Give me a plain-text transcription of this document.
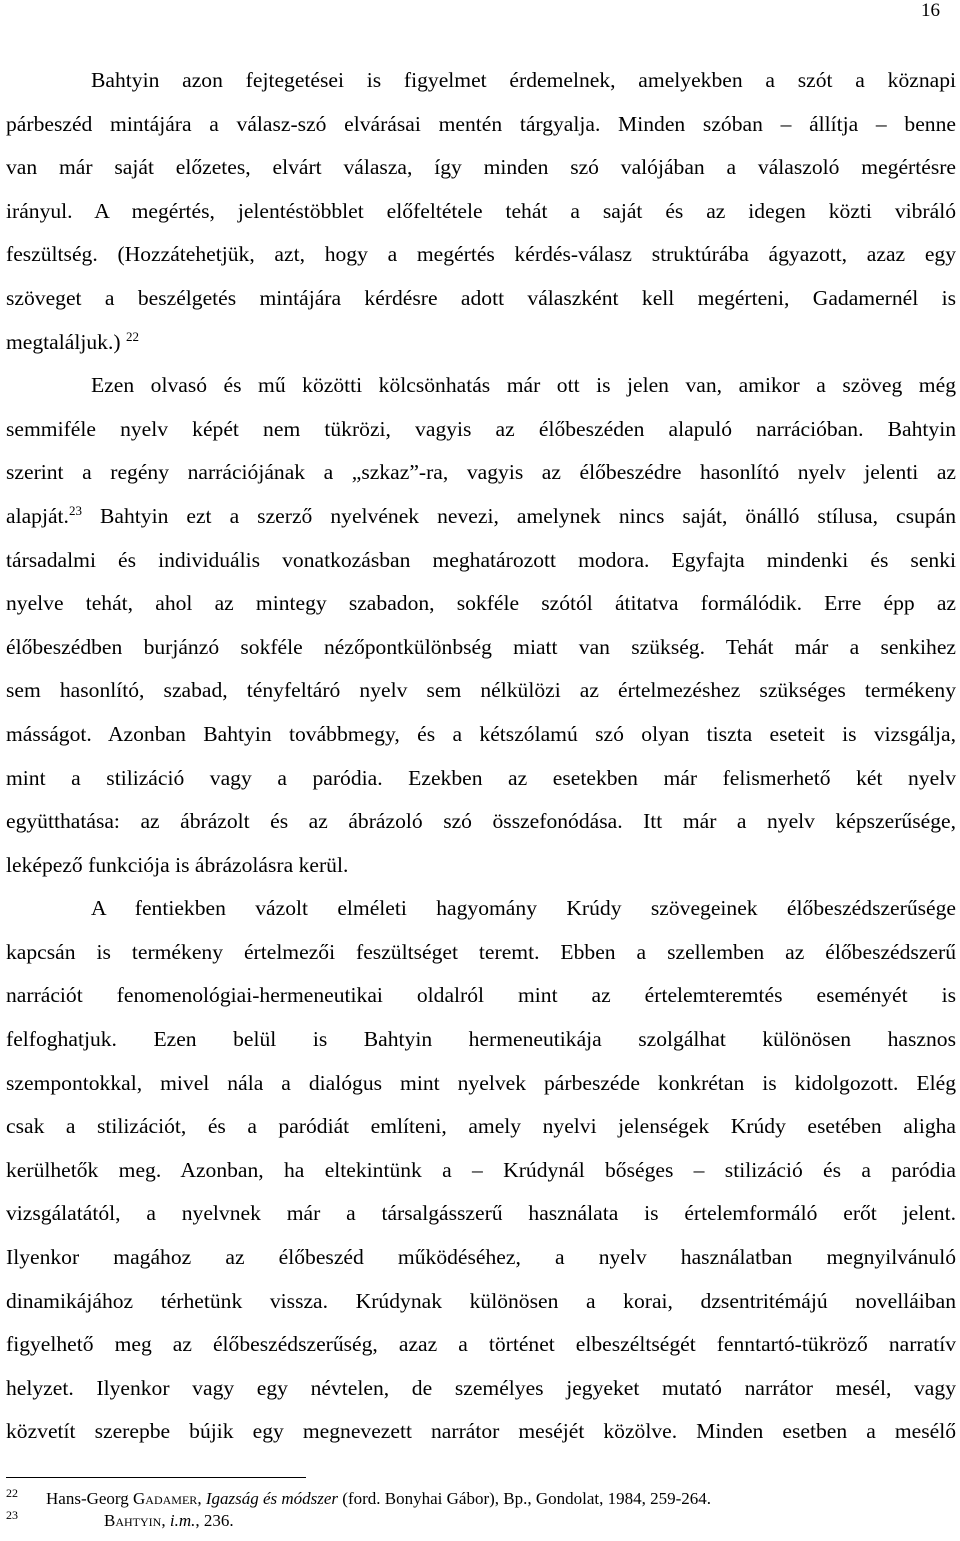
16
Bahtyin azon fejtegetései is figyelmet érdemelnek, amelyekben a szót a köznapi
párbeszéd mintájára a válasz-szó elvárásai mentén tárgyalja. Minden szóban – állítja – benne
van már saját előzetes, elvárt válasza, így minden szó valójában a válaszoló megértésre
irányul. A megértés, jelentéstöbblet előfeltétele tehát a saját és az idegen közti vibráló
feszültség. (Hozzátehetjük, azt, hogy a megértés kérdés-válasz struktúrába ágyazott, azaz egy
szöveget a beszélgetés mintájára kérdésre adott válaszként kell megérteni, Gadamernél is
megtaláljuk.) $^{22}$
Ezen olvasó és mű közötti kölcsönhatás már ott is jelen van, amikor a szöveg még
semmiféle nyelv képét nem tükrözi, vagyis az élőbeszéden alapuló narrációban. Bahtyin
szerint a regény narrációjának a „szkaz”-ra, vagyis az élőbeszédre hasonlító nyelv jelenti az
alapját.$^{23}$ Bahtyin ezt a szerző nyelvének nevezi, amelynek nincs saját, önálló stílusa, csupán
társadalmi és individuális vonatkozásban meghatározott modora. Egyfajta mindenki és senki
nyelve tehát, ahol az mintegy szabadon, sokféle szótól átitatva formálódik. Erre épp az
élőbeszédben burjánzó sokféle nézőpontkülönbség miatt van szükség. Tehát már a senkihez
sem hasonlító, szabad, tényfeltáró nyelv sem nélkülözi az értelmezéshez szükséges termékeny
másságot. Azonban Bahtyin továbbmegy, és a kétszólamú szó olyan tiszta eseteit is vizsgálja,
mint a stilizáció vagy a paródia. Ezekben az esetekben már felismerhető két nyelv
együtthatása: az ábrázolt és az ábrázoló szó összefonódása. Itt már a nyelv képszerűsége,
leképező funkciója is ábrázolásra kerül.
A fentiekben vázolt elméleti hagyomány Krúdy szövegeinek élőbeszédszerűsége
kapcsán is termékeny értelmezői feszültséget teremt. Ebben a szellemben az élőbeszédszerű
narrációt fenomenológiai-hermeneutikai oldalról mint az értelemteremtés eseményét is
felfoghatjuk. Ezen belül is Bahtyin hermeneutikája szolgálhat különösen hasznos
szempontokkal, mivel nála a dialógus mint nyelvek párbeszéde konkrétan is kidolgozott. Elég
csak a stilizációt, és a paródiát említeni, amely nyelvi jelenségek Krúdy esetében aligha
kerülhetők meg. Azonban, ha eltekintünk a – Krúdynál bőséges – stilizáció és a paródia
vizsgálatától, a nyelvnek már a társalgásszerű használata is értelemformáló erőt jelent.
Ilyenkor magához az élőbeszéd működéséhez, a nyelv használatban megnyilvánuló
dinamikájához térhetünk vissza. Krúdynak különösen a korai, dzsentritémájú novelláiban
figyelhető meg az élőbeszédszerűség, azaz a történet elbeszéltségét fenntartó-tükröző narratív
helyzet. Ilyenkor vagy egy névtelen, de személyes jegyeket mutató narrátor mesél, vagy
közvetít szerepbe bújik egy megnevezett narrátor meséjét közölve. Minden esetben a mesélő
22 Hans-Georg Gadamer, Igazság és módszer (ford. Bonyhai Gábor), Bp., Gondolat, 1984, 259-264.
23	Bahtyin, i.m., 236.
